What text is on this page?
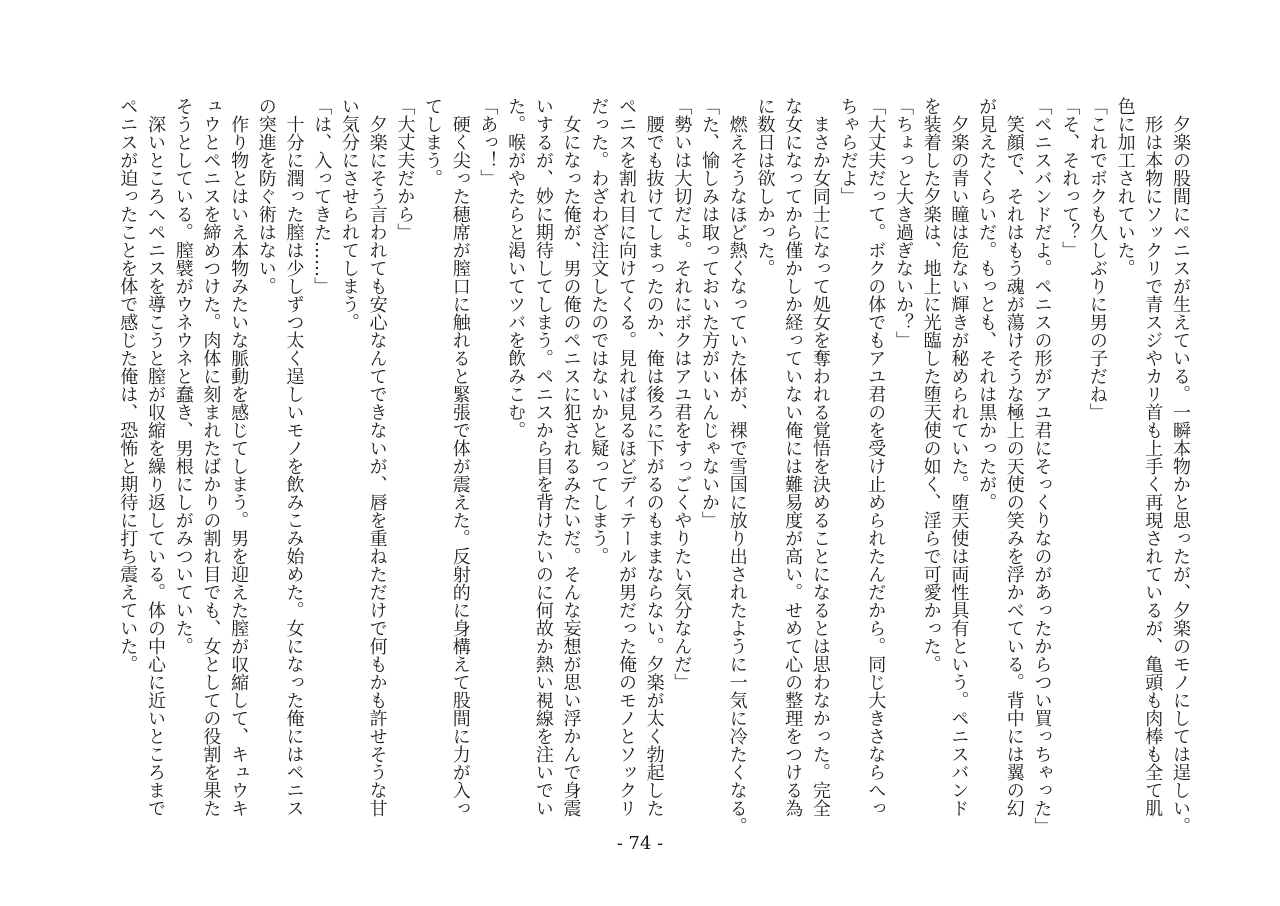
　夕楽の股間にペニスが生えている。一瞬本物かと思ったが、夕楽のモノにしては逞しい。
　形は本物にソックリで青スジやカリ首も上手く再現されているが、亀頭も肉棒も全て肌
色に加工されていた。
「これでボクも久しぶりに男の子だね」
「そ、それって？」
「ペニスバンドだよ。ペニスの形がアユ君にそっくりなのがあったからつい買っちゃった」
　笑顔で、それはもう魂が蕩けそうな極上の天使の笑みを浮かべている。背中には翼の幻
が見えたくらいだ。もっとも、それは黒かったが。
　夕楽の青い瞳は危ない輝きが秘められていた。堕天使は両性具有という。ペニスバンド
を装着した夕楽は、地上に光臨した堕天使の如く、淫らで可愛かった。
「ちょっと大き過ぎないか？」
「大丈夫だって。ボクの体でもアユ君のを受け止められたんだから。同じ大きさならへっ
ちゃらだよ」
　まさか女同士になって処女を奪われる覚悟を決めることになるとは思わなかった。完全
な女になってから僅かしか経っていない俺には難易度が高い。せめて心の整理をつける為
に数日は欲しかった。
　燃えそうなほど熱くなっていた体が、裸で雪国に放り出されたように一気に冷たくなる。
「た、愉しみは取っておいた方がいいんじゃないか」
「勢いは大切だよ。それにボクはアユ君をすっごくやりたい気分なんだ」
　腰でも抜けてしまったのか、俺は後ろに下がるのもままならない。夕楽が太く勃起した
ペニスを割れ目に向けてくる。見れば見るほどディテールが男だった俺のモノとソックリ
だった。わざわざ注文したのではないかと疑ってしまう。
　女になった俺が、男の俺のペニスに犯されるみたいだ。そんな妄想が思い浮かんで身震
いするが、妙に期待してしまう。ペニスから目を背けたいのに何故か熱い視線を注いでい
た。喉がやたらと渇いてツバを飲みこむ。
「あっ！」
　硬く尖った穂席が膣口に触れると緊張で体が震えた。反射的に身構えて股間に力が入っ
てしまう。
「大丈夫だから」
　夕楽にそう言われても安心なんてできないが、唇を重ねただけで何もかも許せそうな甘
い気分にさせられてしまう。
「は、入ってきた……」
　十分に潤った膣は少しずつ太く逞しいモノを飲みこみ始めた。女になった俺にはペニス
の突進を防ぐ術はない。
　作り物とはいえ本物みたいな脈動を感じてしまう。男を迎えた膣が収縮して、キュウキ
ュウとペニスを締めつけた。肉体に刻まれたばかりの割れ目でも、女としての役割を果た
そうとしている。膣襞がウネウネと蠢き、男根にしがみついていた。
　深いところへペニスを導こうと膣が収縮を繰り返している。体の中心に近いところまで
ペニスが迫ったことを体で感じた俺は、恐怖と期待に打ち震えていた。
- 74 -
